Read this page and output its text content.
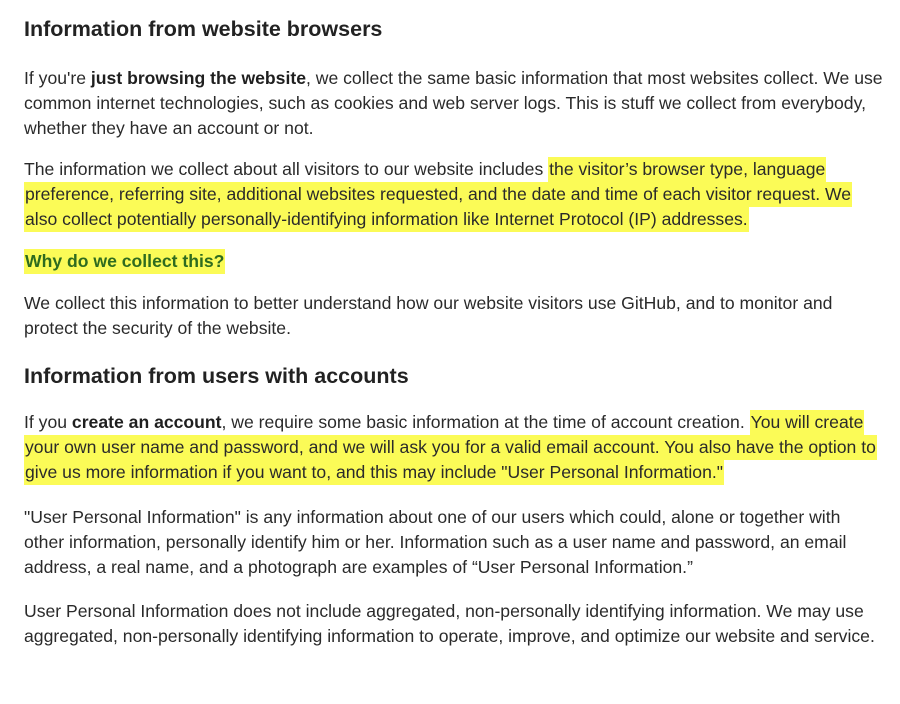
Information from website browsers

If you're just browsing the website, we collect the same basic information that most websites collect. We use common internet technologies, such as cookies and web server logs. This is stuff we collect from everybody, whether they have an account or not.

The information we collect about all visitors to our website includes the visitor’s browser type, language preference, referring site, additional websites requested, and the date and time of each visitor request. We also collect potentially personally-identifying information like Internet Protocol (IP) addresses.

Why do we collect this?

We collect this information to better understand how our website visitors use GitHub, and to monitor and protect the security of the website.

Information from users with accounts

If you create an account, we require some basic information at the time of account creation. You will create your own user name and password, and we will ask you for a valid email account. You also have the option to give us more information if you want to, and this may include "User Personal Information."

"User Personal Information" is any information about one of our users which could, alone or together with other information, personally identify him or her. Information such as a user name and password, an email address, a real name, and a photograph are examples of “User Personal Information.”

User Personal Information does not include aggregated, non-personally identifying information. We may use aggregated, non-personally identifying information to operate, improve, and optimize our website and service.
